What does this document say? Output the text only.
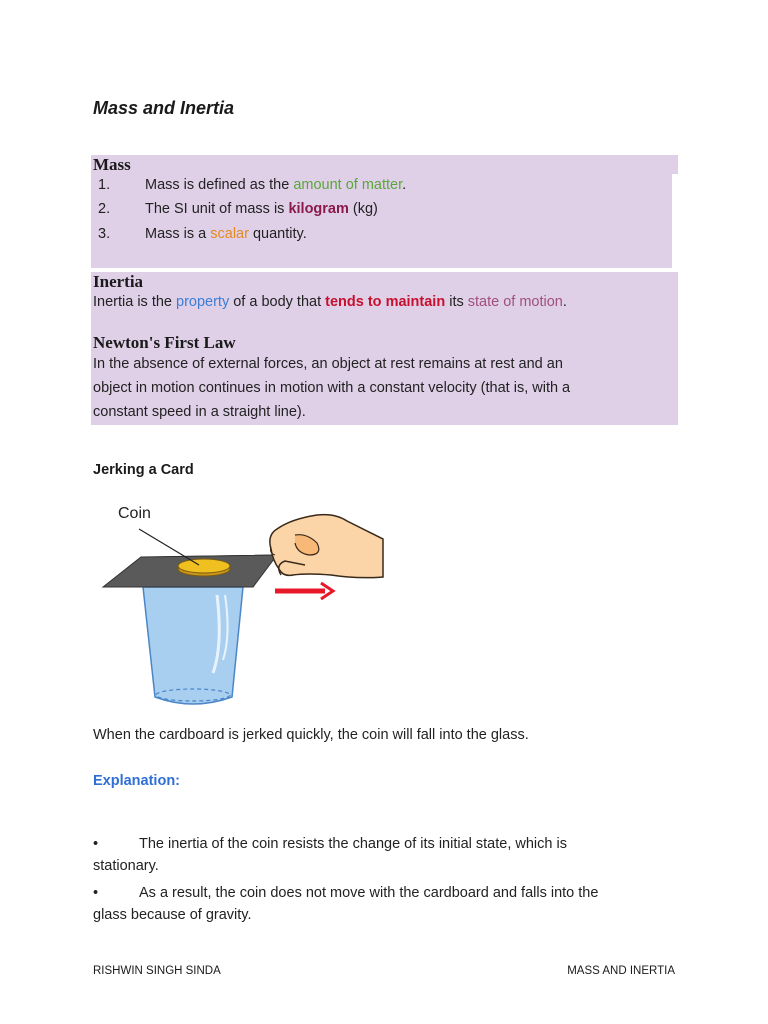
Mass and Inertia
Mass
1. Mass is defined as the amount of matter.
2. The SI unit of mass is kilogram (kg)
3. Mass is a scalar quantity.
Inertia
Inertia is the property of a body that tends to maintain its state of motion.
Newton's First Law
In the absence of external forces, an object at rest remains at rest and an
object in motion continues in motion with a constant velocity (that is, with a
constant speed in a straight line).
Jerking a Card
Coin
When the cardboard is jerked quickly, the coin will fall into the glass.
Explanation:
•	The inertia of the coin resists the change of its initial state, which is
stationary.
•	As a result, the coin does not move with the cardboard and falls into the
glass because of gravity.
RISHWIN SINGH SINDA	MASS AND INERTIA
